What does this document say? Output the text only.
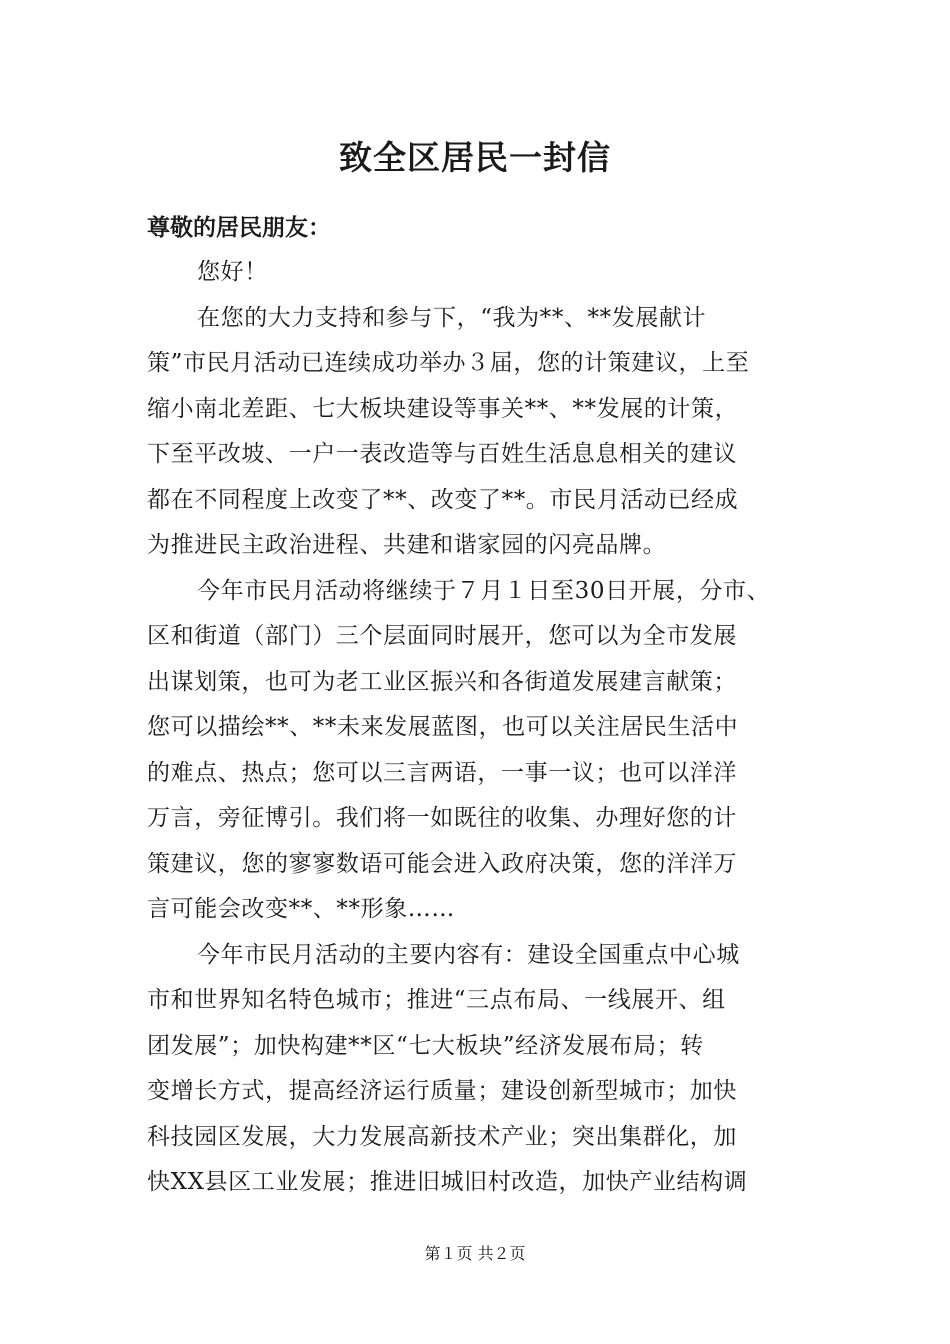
致全区居民一封信
尊敬的居民朋友：
您好！
在您的大力支持和参与下，“我为**、**发展献计
策”市民月活动已连续成功举办３届，您的计策建议，上至
缩小南北差距、七大板块建设等事关**、**发展的计策，
下至平改坡、一户一表改造等与百姓生活息息相关的建议
都在不同程度上改变了**、改变了**。市民月活动已经成
为推进民主政治进程、共建和谐家园的闪亮品牌。
今年市民月活动将继续于７月１日至30日开展，分市、
区和街道（部门）三个层面同时展开，您可以为全市发展
出谋划策，也可为老工业区振兴和各街道发展建言献策；
您可以描绘**、**未来发展蓝图，也可以关注居民生活中
的难点、热点；您可以三言两语，一事一议；也可以洋洋
万言，旁征博引。我们将一如既往的收集、办理好您的计
策建议，您的寥寥数语可能会进入政府决策，您的洋洋万
言可能会改变**、**形象……
今年市民月活动的主要内容有：建设全国重点中心城
市和世界知名特色城市；推进“三点布局、一线展开、组
团发展”；加快构建**区“七大板块”经济发展布局；转
变增长方式，提高经济运行质量；建设创新型城市；加快
科技园区发展，大力发展高新技术产业；突出集群化，加
快XX县区工业发展；推进旧城旧村改造，加快产业结构调
第１页 共２页
